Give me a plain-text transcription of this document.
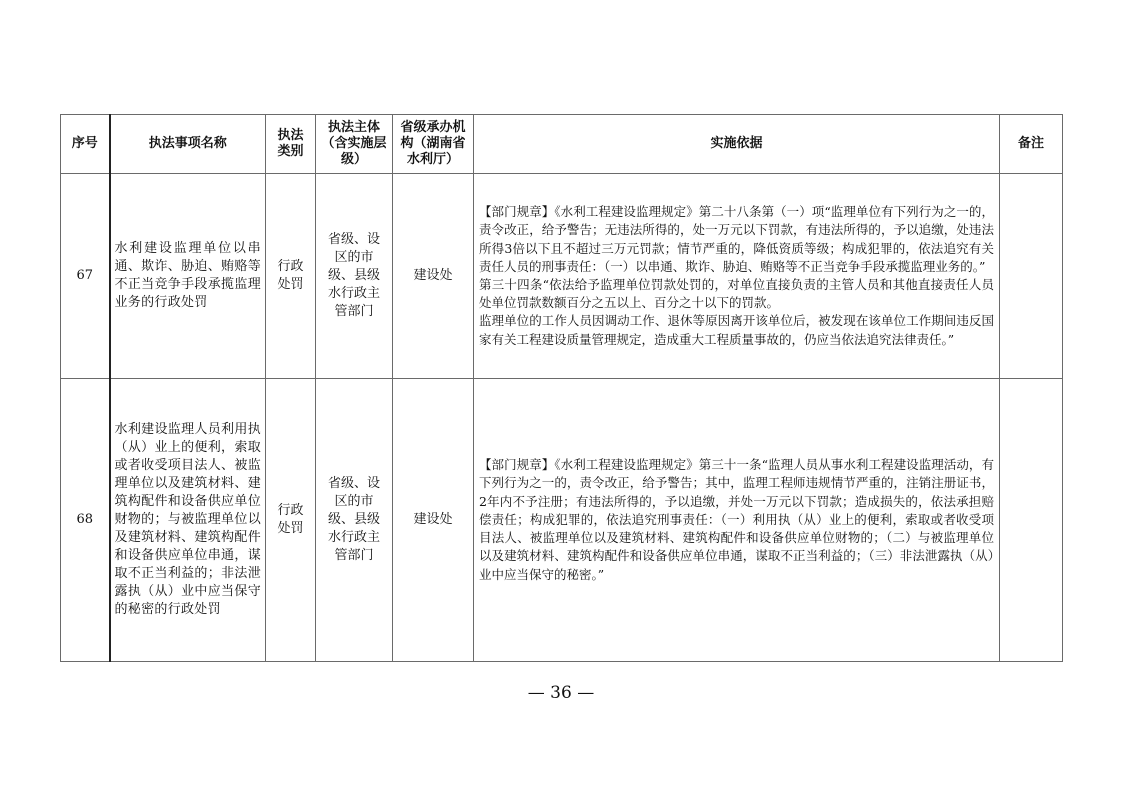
序号	执法事项名称	执法类别	执法主体（含实施层级）	省级承办机构（湖南省水利厅）	实施依据	备注
67	水利建设监理单位以串通、欺诈、胁迫、贿赂等不正当竞争手段承揽监理业务的行政处罚	行政处罚	省级、设区的市级、县级水行政主管部门	建设处	【部门规章】《水利工程建设监理规定》第二十八条第（一）项“监理单位有下列行为之一的，责令改正，给予警告；无违法所得的，处一万元以下罚款，有违法所得的，予以追缴，处违法所得3倍以下且不超过三万元罚款；情节严重的，降低资质等级；构成犯罪的，依法追究有关责任人员的刑事责任：（一）以串通、欺诈、胁迫、贿赂等不正当竞争手段承揽监理业务的。”
第三十四条“依法给予监理单位罚款处罚的，对单位直接负责的主管人员和其他直接责任人员处单位罚款数额百分之五以上、百分之十以下的罚款。
监理单位的工作人员因调动工作、退休等原因离开该单位后，被发现在该单位工作期间违反国家有关工程建设质量管理规定，造成重大工程质量事故的，仍应当依法追究法律责任。”	

68	水利建设监理人员利用执（从）业上的便利，索取或者收受项目法人、被监理单位以及建筑材料、建筑构配件和设备供应单位财物的；与被监理单位以及建筑材料、建筑构配件和设备供应单位串通，谋取不正当利益的；非法泄露执（从）业中应当保守的秘密的行政处罚	行政处罚	省级、设区的市级、县级水行政主管部门	建设处	【部门规章】《水利工程建设监理规定》第三十一条“监理人员从事水利工程建设监理活动，有下列行为之一的，责令改正，给予警告；其中，监理工程师违规情节严重的，注销注册证书，2年内不予注册；有违法所得的，予以追缴，并处一万元以下罚款；造成损失的，依法承担赔偿责任；构成犯罪的，依法追究刑事责任：（一）利用执（从）业上的便利，索取或者收受项目法人、被监理单位以及建筑材料、建筑构配件和设备供应单位财物的；（二）与被监理单位以及建筑材料、建筑构配件和设备供应单位串通，谋取不正当利益的；（三）非法泄露执（从）业中应当保守的秘密。”	

— 36 —
